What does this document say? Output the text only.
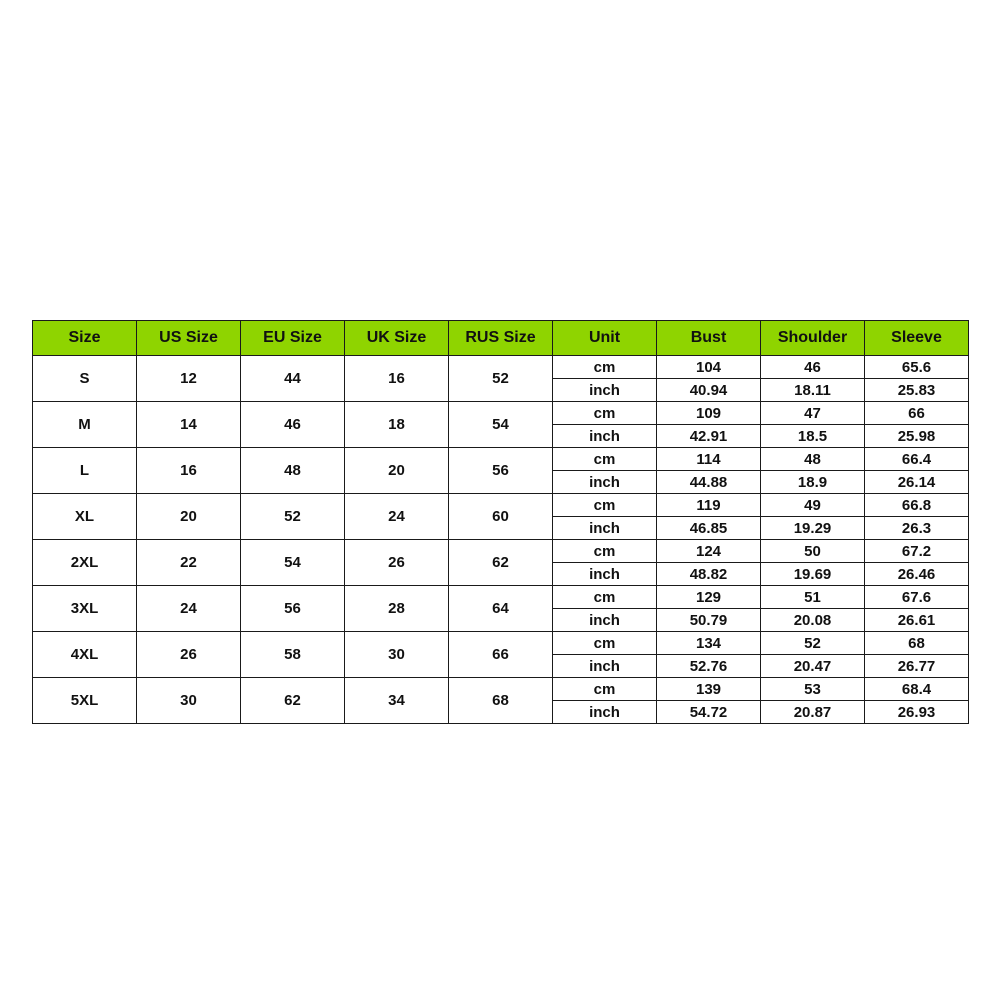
Size	US Size	EU Size	UK Size	RUS Size	Unit	Bust	Shoulder	Sleeve
S	12	44	16	52	cm	104	46	65.6
					inch	40.94	18.11	25.83
M	14	46	18	54	cm	109	47	66
					inch	42.91	18.5	25.98
L	16	48	20	56	cm	114	48	66.4
					inch	44.88	18.9	26.14
XL	20	52	24	60	cm	119	49	66.8
					inch	46.85	19.29	26.3
2XL	22	54	26	62	cm	124	50	67.2
					inch	48.82	19.69	26.46
3XL	24	56	28	64	cm	129	51	67.6
					inch	50.79	20.08	26.61
4XL	26	58	30	66	cm	134	52	68
					inch	52.76	20.47	26.77
5XL	30	62	34	68	cm	139	53	68.4
					inch	54.72	20.87	26.93
